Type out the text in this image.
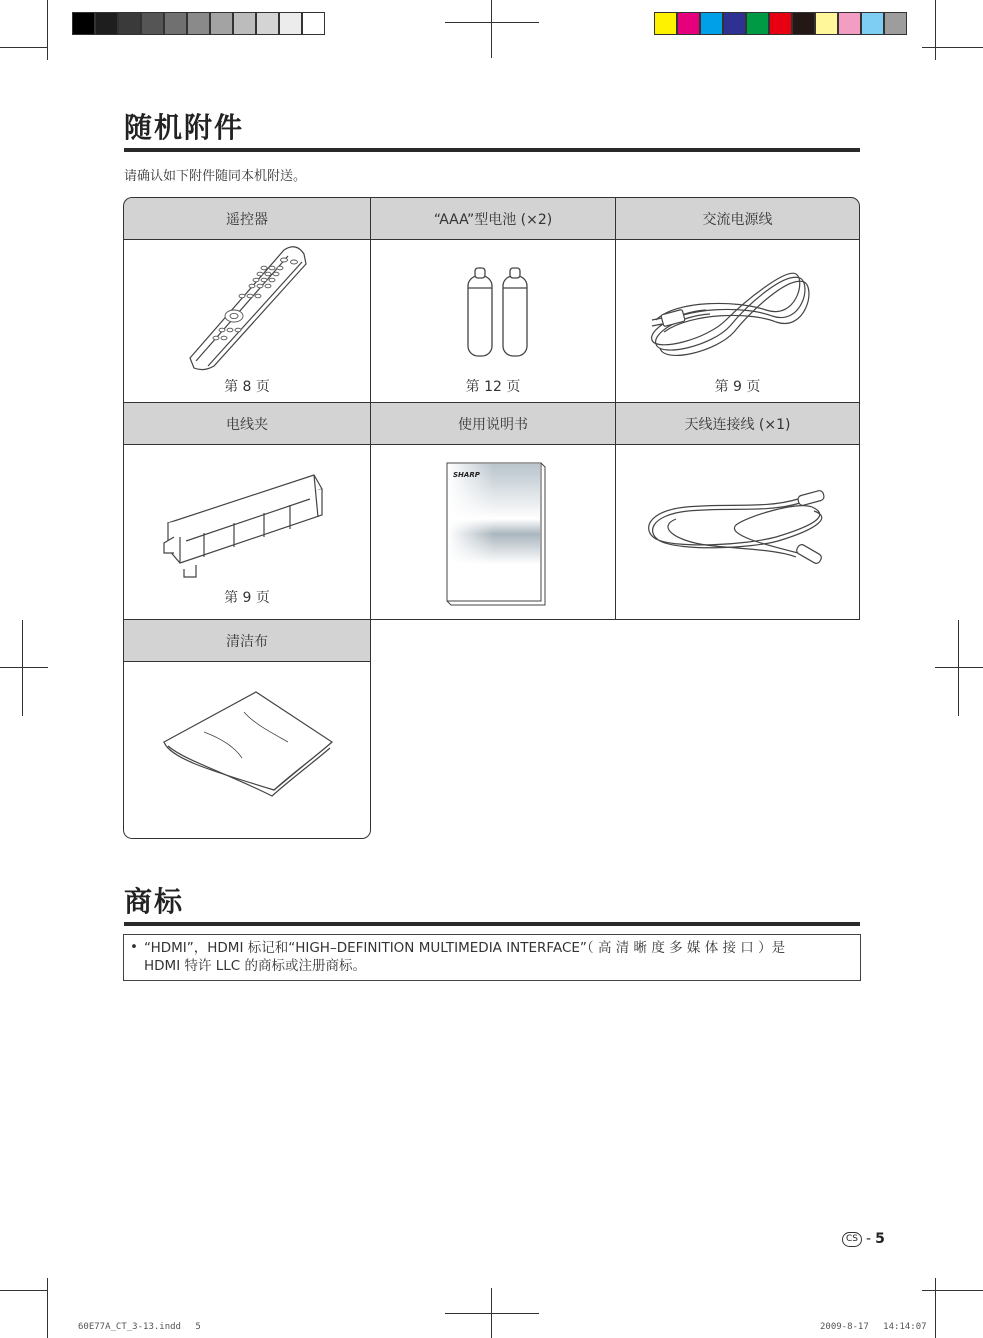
随机附件
请确认如下附件随同本机附送。
遥控器	“AAA”型电池 (×2)	交流电源线
第 8 页	第 12 页	第 9 页
电线夹	使用说明书	天线连接线 (×1)
第 9 页
SHARP
清洁布
商标
• “HDMI”，HDMI 标记和“HIGH–DEFINITION MULTIMEDIA INTERFACE”（ 高 清 晰 度 多 媒 体 接 口 ）是
HDMI 特许 LLC 的商标或注册商标。
CS - 5
60E77A_CT_3-13.indd　 5	2009-8-17　 14:14:07
